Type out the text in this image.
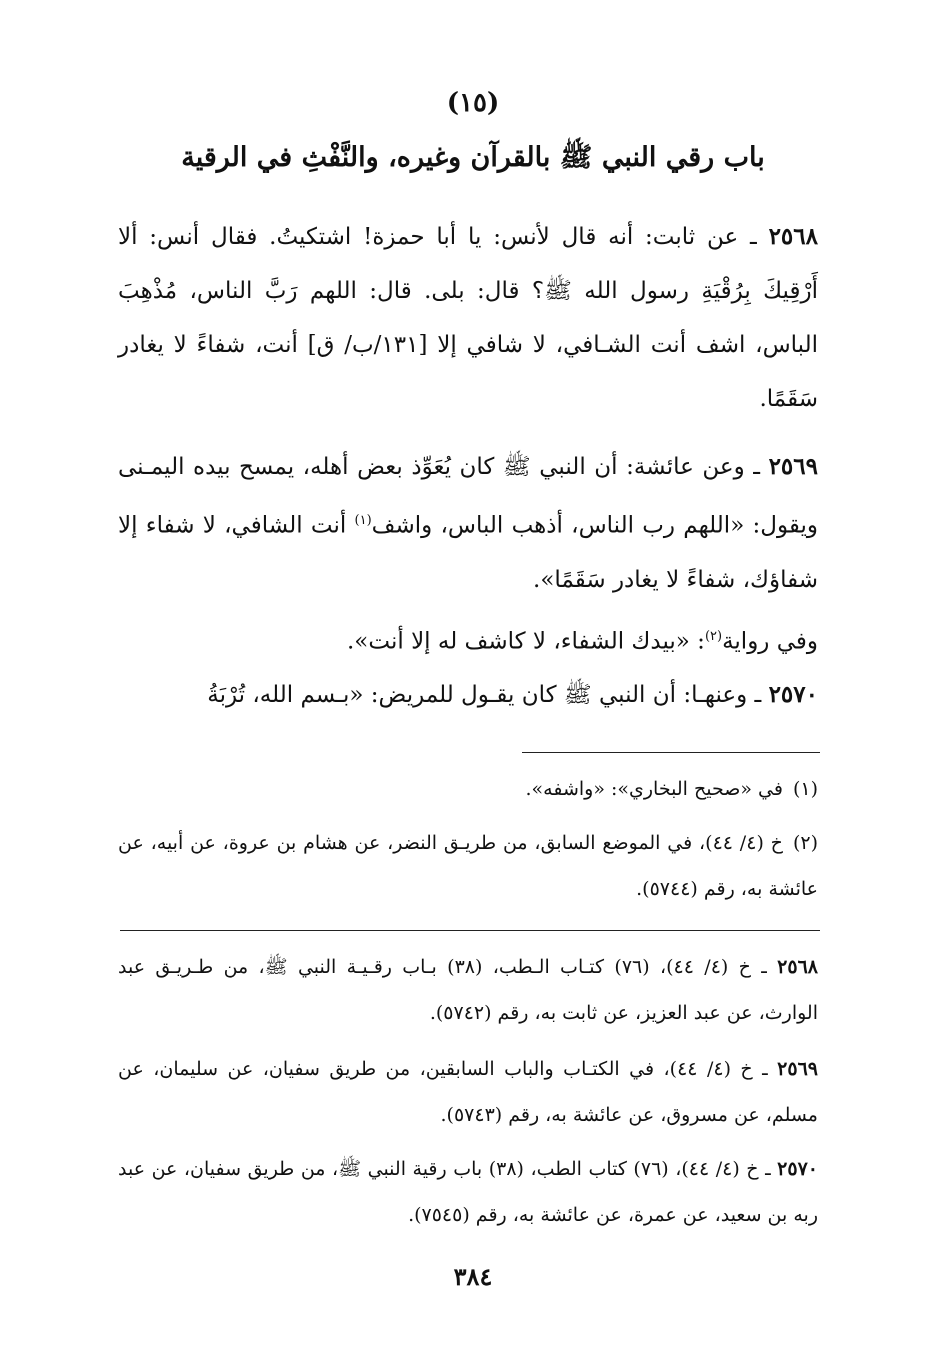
(١٥)
باب رقي النبي ﷺ بالقرآن وغيره، والنَّفْثِ في الرقية
٢٥٦٨ ـ عن ثابت: أنه قال لأنس: يا أبا حمزة! اشتكيتُ. فقال أنس: ألا أَرْقِيكَ بِرُقْيَةِ رسول الله ﷺ؟ قال: بلى. قال: اللهم رَبَّ الناس، مُذْهِبَ الباس، اشف أنت الشـافي، لا شافي إلا [١٣١/ب/ ق] أنت، شفاءً لا يغادر سَقَمًا.
٢٥٦٩ ـ وعن عائشة: أن النبي ﷺ كان يُعَوِّذ بعض أهله، يمسح بيده اليمـنى ويقول: «اللهم رب الناس، أذهب الباس، واشف$^{(١)}$ أنت الشافي، لا شفاء إلا شفاؤك، شفاءً لا يغادر سَقَمًا».
وفي رواية$^{(٢)}$: «بيدك الشفاء، لا كاشف له إلا أنت».
٢٥٧٠ ـ وعنهـا: أن النبي ﷺ كان يقـول للمريض: «بـسم الله، تُرْبَةُ
(١)في «صحيح البخاري»: «واشفه».
(٢)خ (٤/ ٤٤)، في الموضع السابق، من طريـق النضر، عن هشام بن عروة، عن أبيه، عن عائشة به، رقم (٥٧٤٤).
٢٥٦٨ ـ خ (٤/ ٤٤)، (٧٦) كتـاب الـطب، (٣٨) بـاب رقـيـة النبي ﷺ، من طـريـق عبد الوارث، عن عبد العزيز، عن ثابت به، رقم (٥٧٤٢).
٢٥٦٩ ـ خ (٤/ ٤٤)، في الكتـاب والباب السابقين، من طريق سفيان، عن سليمان، عن مسلم، عن مسروق، عن عائشة به، رقم (٥٧٤٣).
٢٥٧٠ ـ خ (٤/ ٤٤)، (٧٦) كتاب الطب، (٣٨) باب رقية النبي ﷺ، من طريق سفيان، عن عبد ربه بن سعيد، عن عمرة، عن عائشة به، رقم (٧٥٤٥).
٣٨٤
